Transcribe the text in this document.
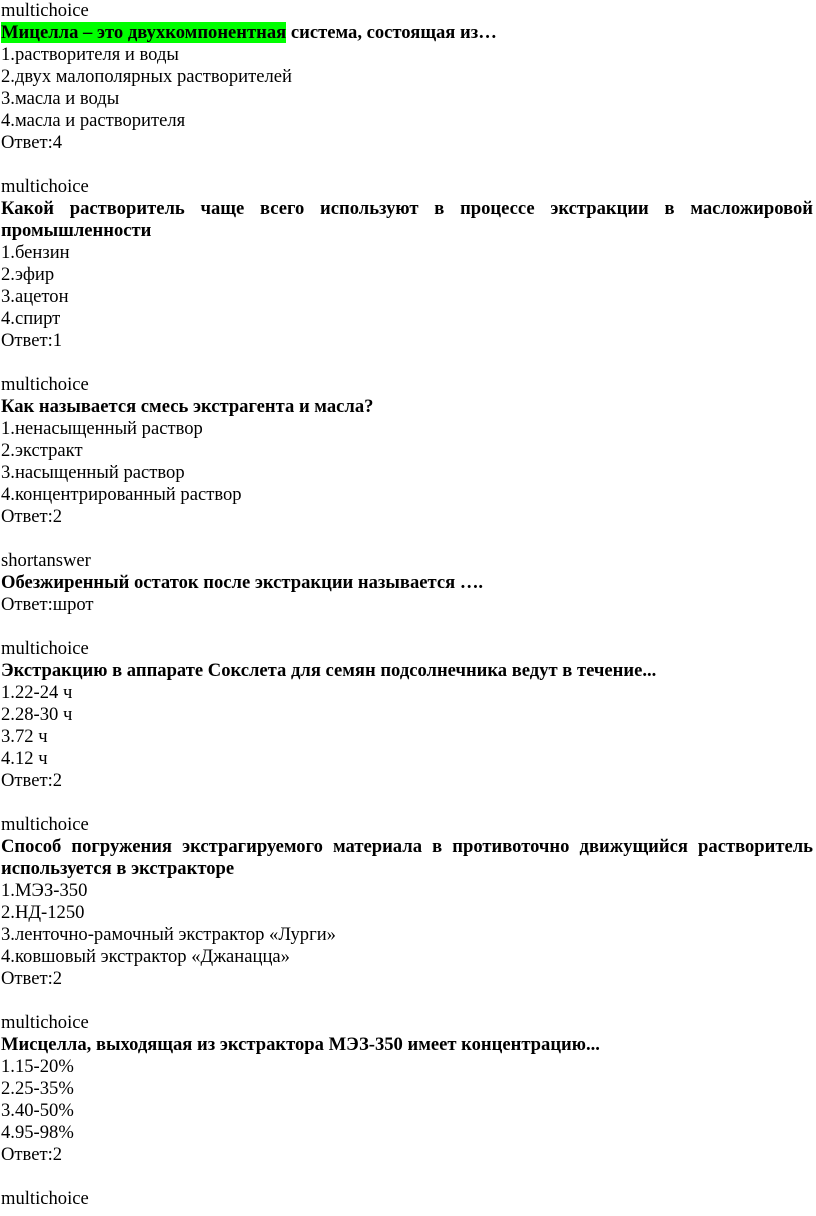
multichoice
Мицелла – это двухкомпонентная система, состоящая из…
1.растворителя и воды
2.двух малополярных растворителей
3.масла и воды
4.масла и растворителя
Ответ:4
multichoice
Какой растворитель чаще всего используют в процессе экстракции в масложировой промышленности
1.бензин
2.эфир
3.ацетон
4.спирт
Ответ:1
multichoice
Как называется смесь экстрагента и масла?
1.ненасыщенный раствор
2.экстракт
3.насыщенный раствор
4.концентрированный раствор
Ответ:2
shortanswer
Обезжиренный остаток после экстракции называется ….
Ответ:шрот
multichoice
Экстракцию в аппарате Сокслета для семян подсолнечника ведут в течение...
1.22-24 ч
2.28-30 ч
3.72 ч
4.12 ч
Ответ:2
multichoice
Способ погружения экстрагируемого материала в противоточно движущийся растворитель используется в экстракторе
1.МЭЗ-350
2.НД-1250
3.ленточно-рамочный экстрактор «Лурги»
4.ковшовый экстрактор «Джанацца»
Ответ:2
multichoice
Мисцелла, выходящая из экстрактора МЭЗ-350 имеет концентрацию...
1.15-20%
2.25-35%
3.40-50%
4.95-98%
Ответ:2
multichoice
